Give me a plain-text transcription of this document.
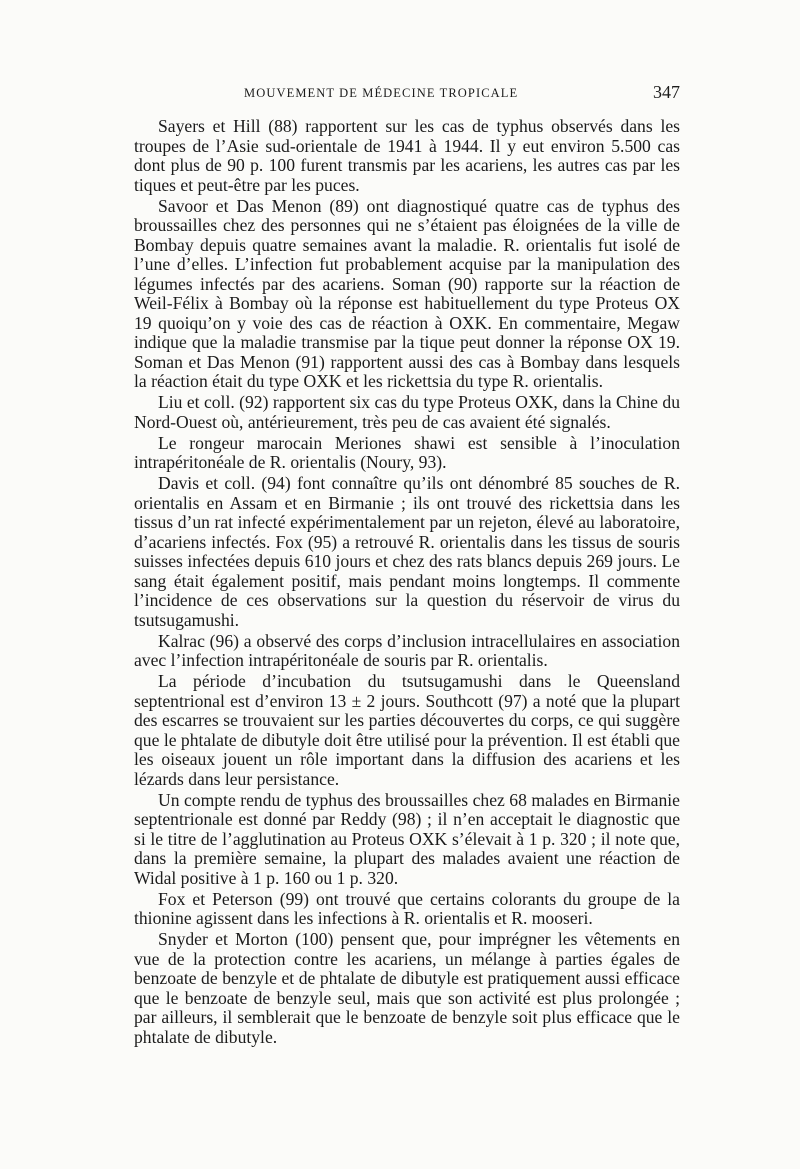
MOUVEMENT DE MÉDECINE TROPICALE	347

Sayers et Hill (88) rapportent sur les cas de typhus observés dans les troupes de l’Asie sud-orientale de 1941 à 1944. Il y eut environ 5.500 cas dont plus de 90 p. 100 furent transmis par les acariens, les autres cas par les tiques et peut-être par les puces.

Savoor et Das Menon (89) ont diagnostiqué quatre cas de typhus des broussailles chez des personnes qui ne s’étaient pas éloignées de la ville de Bombay depuis quatre semaines avant la maladie. R. orientalis fut isolé de l’une d’elles. L’infection fut probablement acquise par la manipulation des légumes infectés par des acariens. Soman (90) rapporte sur la réaction de Weil-Félix à Bombay où la réponse est habituellement du type Proteus OX 19 quoiqu’on y voie des cas de réaction à OXK. En commentaire, Megaw indique que la maladie transmise par la tique peut donner la réponse OX 19. Soman et Das Menon (91) rapportent aussi des cas à Bombay dans lesquels la réaction était du type OXK et les rickettsia du type R. orientalis.

Liu et coll. (92) rapportent six cas du type Proteus OXK, dans la Chine du Nord-Ouest où, antérieurement, très peu de cas avaient été signalés.

Le rongeur marocain Meriones shawi est sensible à l’inoculation intrapéritonéale de R. orientalis (Noury, 93).

Davis et coll. (94) font connaître qu’ils ont dénombré 85 souches de R. orientalis en Assam et en Birmanie ; ils ont trouvé des rickettsia dans les tissus d’un rat infecté expérimentalement par un rejeton, élevé au laboratoire, d’acariens infectés. Fox (95) a retrouvé R. orientalis dans les tissus de souris suisses infectées depuis 610 jours et chez des rats blancs depuis 269 jours. Le sang était également positif, mais pendant moins longtemps. Il commente l’incidence de ces observations sur la question du réservoir de virus du tsutsugamushi.

Kalrac (96) a observé des corps d’inclusion intracellulaires en association avec l’infection intrapéritonéale de souris par R. orientalis.

La période d’incubation du tsutsugamushi dans le Queensland septentrional est d’environ 13 ± 2 jours. Southcott (97) a noté que la plupart des escarres se trouvaient sur les parties découvertes du corps, ce qui suggère que le phtalate de dibutyle doit être utilisé pour la prévention. Il est établi que les oiseaux jouent un rôle important dans la diffusion des acariens et les lézards dans leur persistance.

Un compte rendu de typhus des broussailles chez 68 malades en Birmanie septentrionale est donné par Reddy (98) ; il n’en acceptait le diagnostic que si le titre de l’agglutination au Proteus OXK s’élevait à 1 p. 320 ; il note que, dans la première semaine, la plupart des malades avaient une réaction de Widal positive à 1 p. 160 ou 1 p. 320.

Fox et Peterson (99) ont trouvé que certains colorants du groupe de la thionine agissent dans les infections à R. orientalis et R. mooseri.

Snyder et Morton (100) pensent que, pour imprégner les vêtements en vue de la protection contre les acariens, un mélange à parties égales de benzoate de benzyle et de phtalate de dibutyle est pratiquement aussi efficace que le benzoate de benzyle seul, mais que son activité est plus prolongée ; par ailleurs, il semblerait que le benzoate de benzyle soit plus efficace que le phtalate de dibutyle.
